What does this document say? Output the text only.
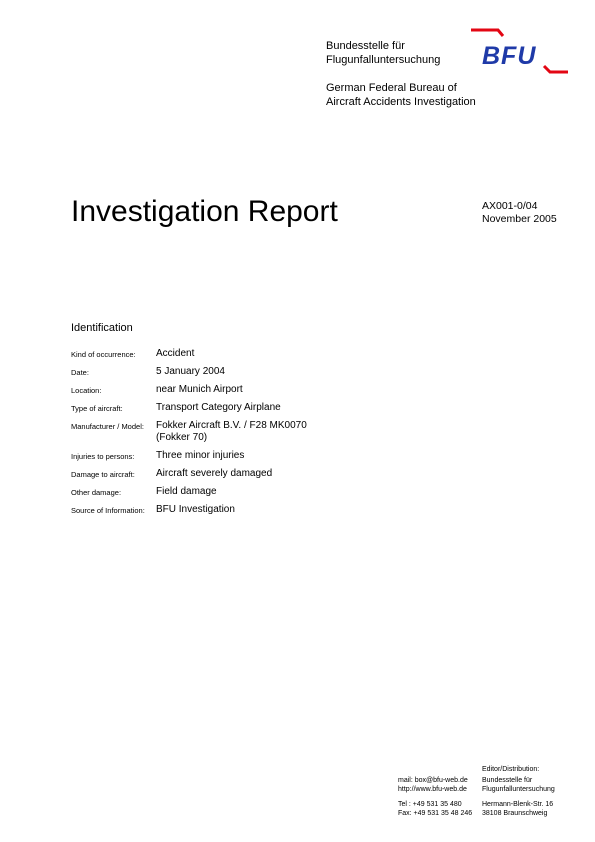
Bundesstelle für
Flugunfalluntersuchung
German Federal Bureau of
Aircraft Accidents Investigation
BFU
Investigation Report	AX001-0/04
November 2005
Identification
Kind of occurrence: Accident
Date:	5 January 2004
Location:	near Munich Airport
Type of aircraft:	Transport Category Airplane
Manufacturer / Model: Fokker Aircraft B.V. / F28 MK0070
(Fokker 70)
Injuries to persons: Three minor injuries
Damage to aircraft: Aircraft severely damaged
Other damage:	Field damage
Source of Information: BFU Investigation
Editor/Distribution:
mail: box@bfu-web.de
http://www.bfu-web.de
Tel : +49 531 35 480
Fax: +49 531 35 48 246
Bundesstelle für
Flugunfalluntersuchung
Hermann-Blenk-Str. 16
38108 Braunschweig
